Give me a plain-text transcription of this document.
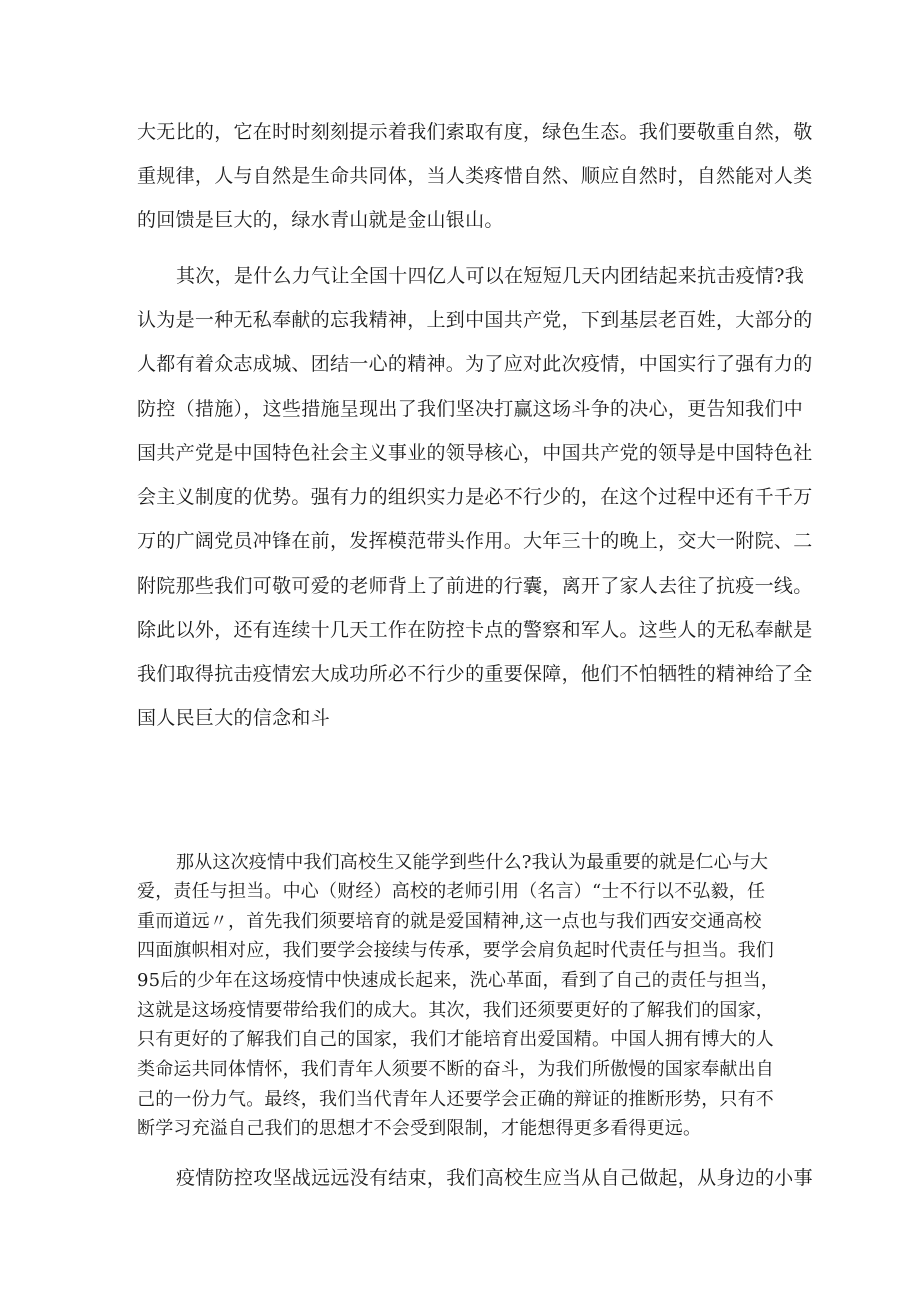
大无比的，它在时时刻刻提示着我们索取有度，绿色生态。我们要敬重自然，敬

重规律，人与自然是生命共同体，当人类疼惜自然、顺应自然时，自然能对人类

的回馈是巨大的，绿水青山就是金山银山。

其次，是什么力气让全国十四亿人可以在短短几天内团结起来抗击疫情?我

认为是一种无私奉献的忘我精神，上到中国共产党，下到基层老百姓，大部分的

人都有着众志成城、团结一心的精神。为了应对此次疫情，中国实行了强有力的

防控（措施），这些措施呈现出了我们坚决打赢这场斗争的决心，更告知我们中

国共产党是中国特色社会主义事业的领导核心，中国共产党的领导是中国特色社

会主义制度的优势。强有力的组织实力是必不行少的，在这个过程中还有千千万

万的广阔党员冲锋在前，发挥模范带头作用。大年三十的晚上，交大一附院、二

附院那些我们可敬可爱的老师背上了前进的行囊，离开了家人去往了抗疫一线。

除此以外，还有连续十几天工作在防控卡点的警察和军人。这些人的无私奉献是

我们取得抗击疫情宏大成功所必不行少的重要保障，他们不怕牺牲的精神给了全

国人民巨大的信念和斗

那从这次疫情中我们高校生又能学到些什么?我认为最重要的就是仁心与大

爱，责任与担当。中心（财经）高校的老师引用（名言）“士不行以不弘毅，任

重而道远〃，首先我们须要培育的就是爱国精神,这一点也与我们西安交通高校

四面旗帜相对应，我们要学会接续与传承，要学会肩负起时代责任与担当。我们

95后的少年在这场疫情中快速成长起来，洗心革面，看到了自己的责任与担当，

这就是这场疫情要带给我们的成大。其次，我们还须要更好的了解我们的国家，

只有更好的了解我们自己的国家，我们才能培育出爱国精。中国人拥有博大的人

类命运共同体情怀，我们青年人须要不断的奋斗，为我们所傲慢的国家奉献出自

己的一份力气。最终，我们当代青年人还要学会正确的辩证的推断形势，只有不

断学习充溢自己我们的思想才不会受到限制，才能想得更多看得更远。

疫情防控攻坚战远远没有结束，我们高校生应当从自己做起，从身边的小事
